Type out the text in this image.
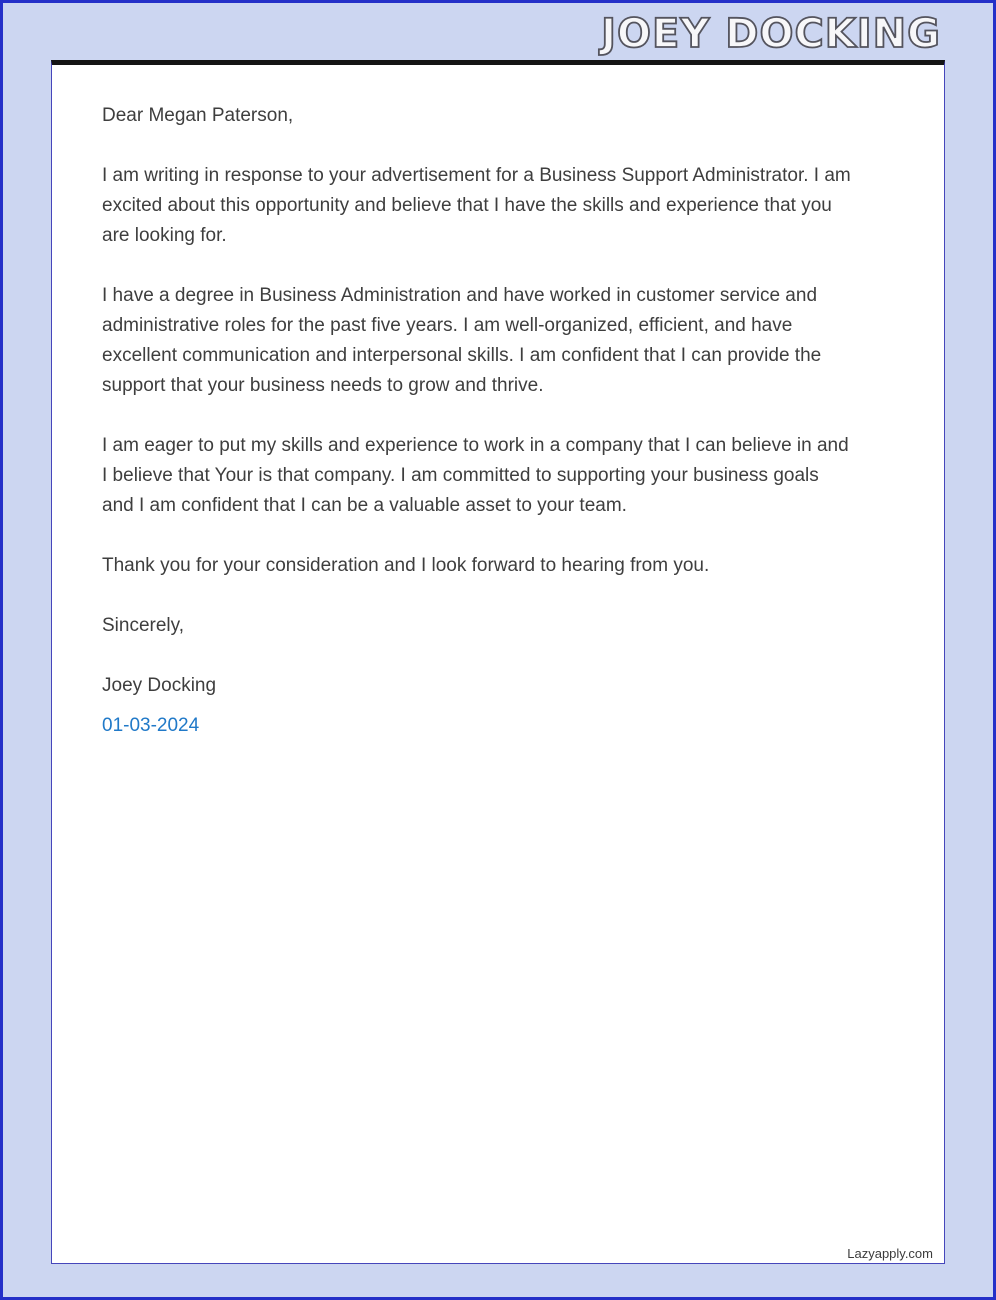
JOEY DOCKING

Dear Megan Paterson,

I am writing in response to your advertisement for a Business Support Administrator. I am excited about this opportunity and believe that I have the skills and experience that you are looking for.

I have a degree in Business Administration and have worked in customer service and administrative roles for the past five years. I am well-organized, efficient, and have excellent communication and interpersonal skills. I am confident that I can provide the support that your business needs to grow and thrive.

I am eager to put my skills and experience to work in a company that I can believe in and I believe that Your is that company. I am committed to supporting your business goals and I am confident that I can be a valuable asset to your team.

Thank you for your consideration and I look forward to hearing from you.

Sincerely,

Joey Docking

01-03-2024

Lazyapply.com
